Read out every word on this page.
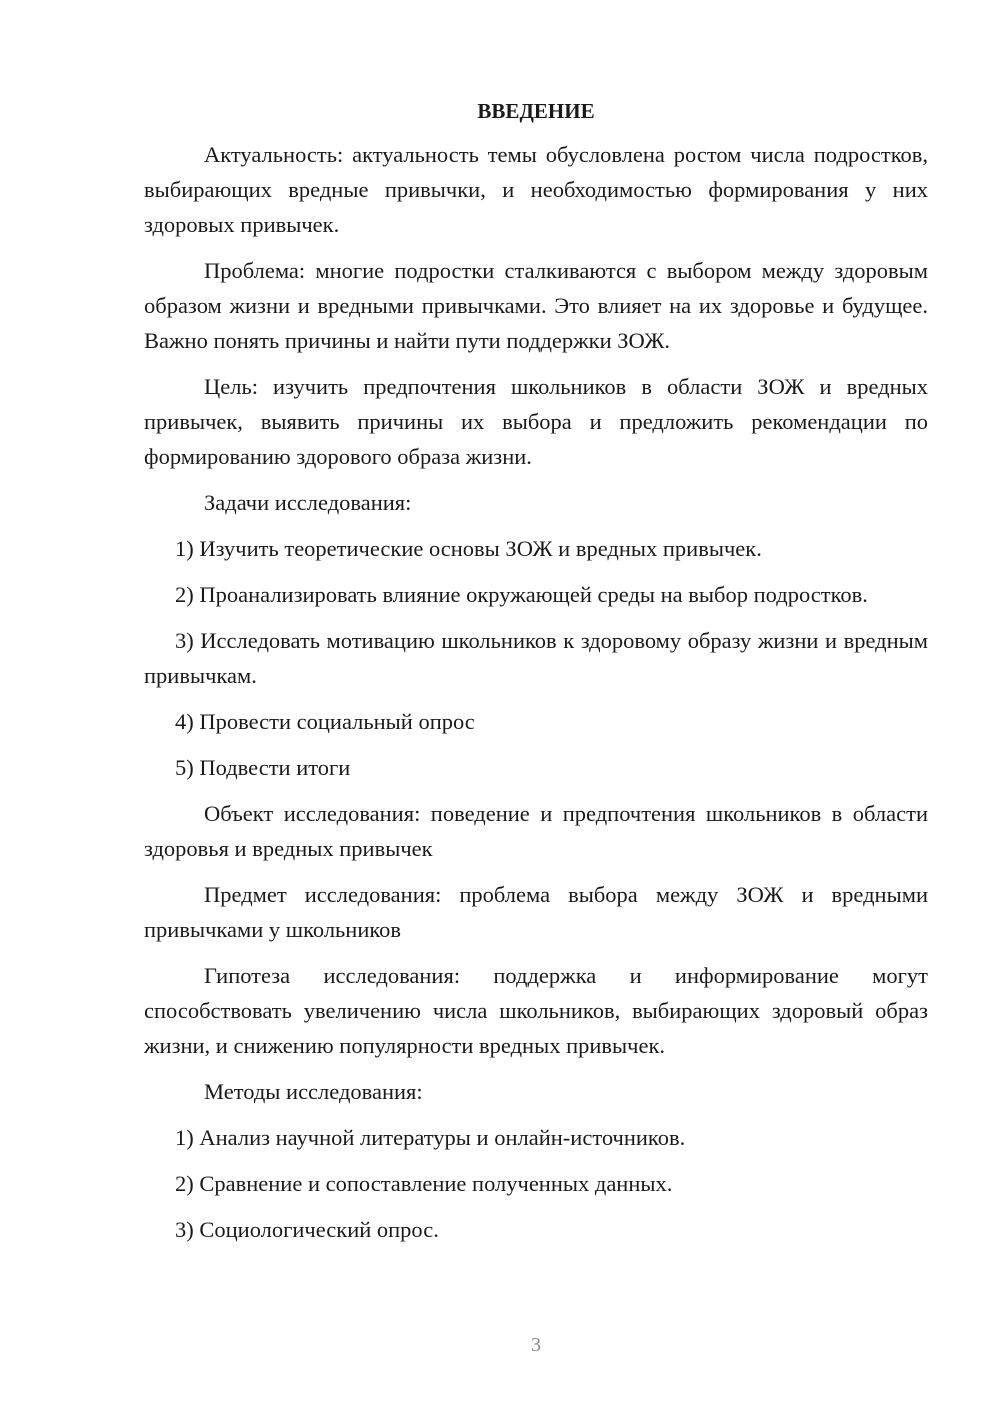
ВВЕДЕНИЕ

Актуальность: актуальность темы обусловлена ростом числа подростков, выбирающих вредные привычки, и необходимостью формирования у них здоровых привычек.

Проблема: многие подростки сталкиваются с выбором между здоровым образом жизни и вредными привычками. Это влияет на их здоровье и будущее. Важно понять причины и найти пути поддержки ЗОЖ.

Цель: изучить предпочтения школьников в области ЗОЖ и вредных привычек, выявить причины их выбора и предложить рекомендации по формированию здорового образа жизни.

Задачи исследования:

1) Изучить теоретические основы ЗОЖ и вредных привычек.

2) Проанализировать влияние окружающей среды на выбор подростков.

3) Исследовать мотивацию школьников к здоровому образу жизни и вредным привычкам.

4) Провести социальный опрос

5) Подвести итоги

Объект исследования: поведение и предпочтения школьников в области здоровья и вредных привычек

Предмет исследования: проблема выбора между ЗОЖ и вредными привычками у школьников

Гипотеза исследования: поддержка и информирование могут способствовать увеличению числа школьников, выбирающих здоровый образ жизни, и снижению популярности вредных привычек.

Методы исследования:

1) Анализ научной литературы и онлайн-источников.

2) Сравнение и сопоставление полученных данных.

3) Социологический опрос.

3
